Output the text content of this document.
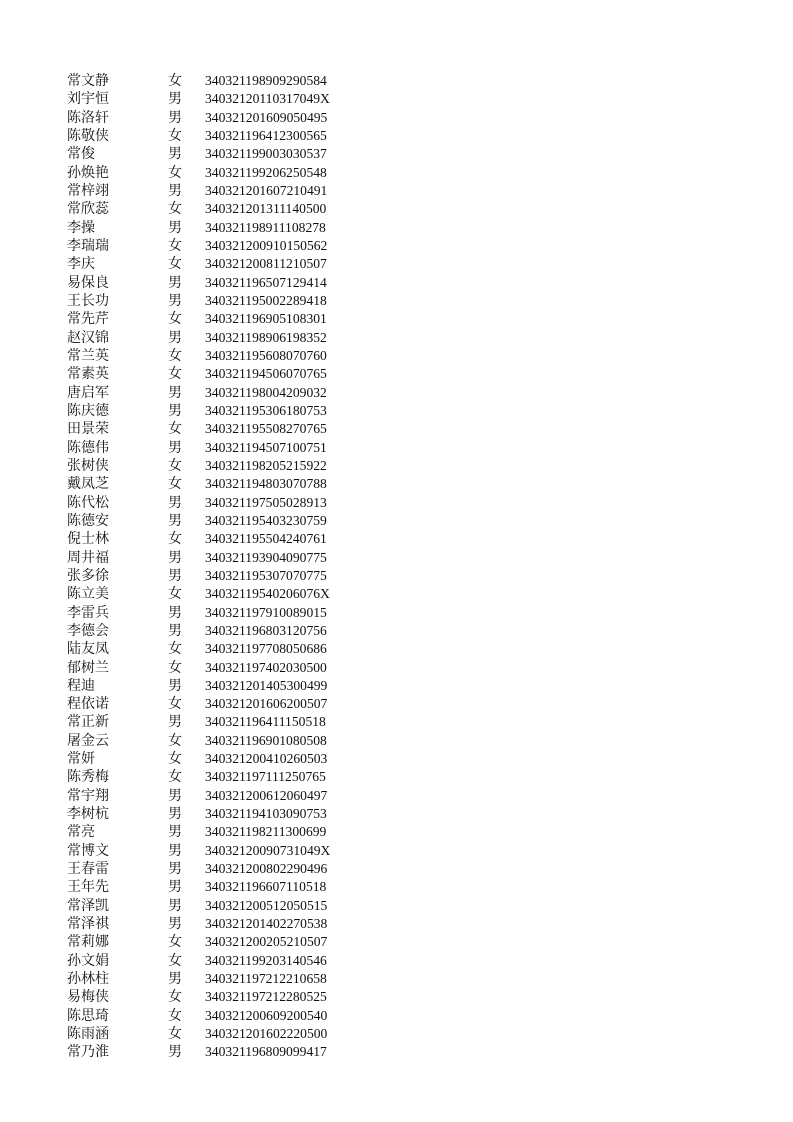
常文静	女 340321198909290584
刘宇恒	男 34032120110317049X
陈洛轩	男 340321201609050495
陈敬侠	女 340321196412300565
常俊	男 340321199003030537
孙焕艳	女 340321199206250548
常梓翊	男 340321201607210491
常欣蕊	女 340321201311140500
李操	男 340321198911108278
李瑞瑞	女 340321200910150562
李庆	女 340321200811210507
易保良	男 340321196507129414
王长功	男 340321195002289418
常先芹	女 340321196905108301
赵汉锦	男 340321198906198352
常兰英	女 340321195608070760
常素英	女 340321194506070765
唐启军	男 340321198004209032
陈庆德	男 340321195306180753
田景荣	女 340321195508270765
陈德伟	男 340321194507100751
张树侠	女 340321198205215922
戴凤芝	女 340321194803070788
陈代松	男 340321197505028913
陈德安	男 340321195403230759
倪士林	女 340321195504240761
周井福	男 340321193904090775
张多徐	男 340321195307070775
陈立美	女 34032119540206076X
李雷兵	男 340321197910089015
李德会	男 340321196803120756
陆友凤	女 340321197708050686
郁树兰	女 340321197402030500
程迪	男 340321201405300499
程依诺	女 340321201606200507
常正新	男 340321196411150518
屠金云	女 340321196901080508
常妍	女 340321200410260503
陈秀梅	女 340321197111250765
常宇翔	男 340321200612060497
李树杭	男 340321194103090753
常亮	男 340321198211300699
常博文	男 34032120090731049X
王春雷	男 340321200802290496
王年先	男 340321196607110518
常泽凯	男 340321200512050515
常泽祺	男 340321201402270538
常莉娜	女 340321200205210507
孙文娟	女 340321199203140546
孙林柱	男 340321197212210658
易梅侠	女 340321197212280525
陈思琦	女 340321200609200540
陈雨涵	女 340321201602220500
常乃淮	男 340321196809099417
